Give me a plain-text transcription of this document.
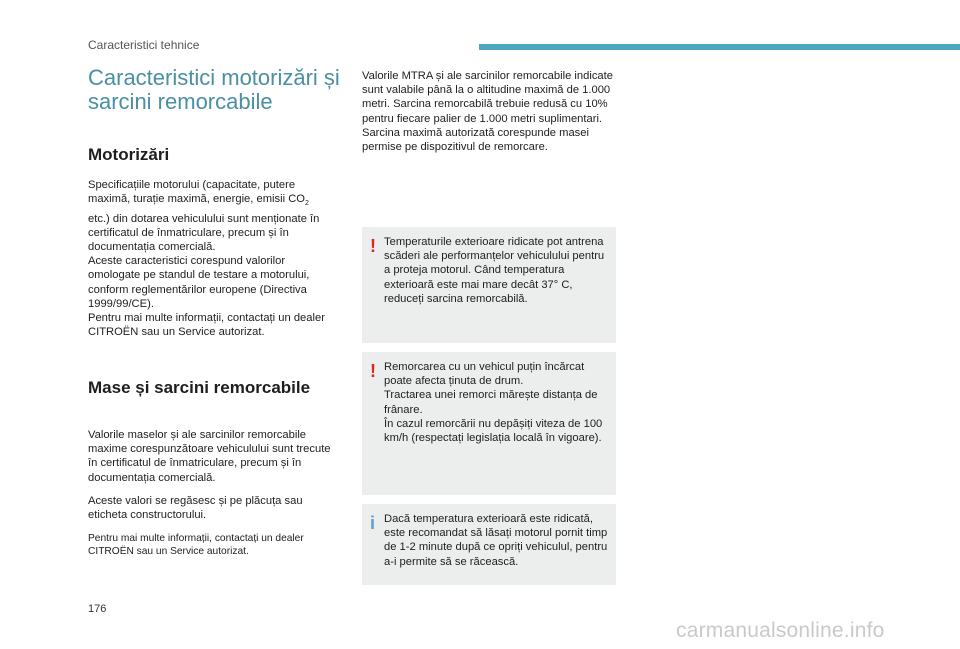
Caracteristici tehnice
Caracteristici motorizări și sarcini remorcabile
Motorizări
Specificațiile motorului (capacitate, putere maximă, turație maximă, energie, emisii $CO_2$
etc.) din dotarea vehiculului sunt menționate în certificatul de înmatriculare, precum și în documentația comercială.
Aceste caracteristici corespund valorilor omologate pe standul de testare a motorului, conform reglementărilor europene (Directiva 1999/99/CE).
Pentru mai multe informații, contactați un dealer CITROËN sau un Service autorizat.
Mase și sarcini remorcabile
Valorile maselor și ale sarcinilor remorcabile maxime corespunzătoare vehiculului sunt trecute în certificatul de înmatriculare, precum și în documentația comercială.
Aceste valori se regăsesc și pe plăcuța sau eticheta constructorului.
Pentru mai multe informații, contactați un dealer CITROËN sau un Service autorizat.
Valorile MTRA și ale sarcinilor remorcabile indicate sunt valabile până la o altitudine maximă de 1.000 metri. Sarcina remorcabilă trebuie redusă cu 10% pentru fiecare palier de 1.000 metri suplimentari.
Sarcina maximă autorizată corespunde masei permise pe dispozitivul de remorcare.
! Temperaturile exterioare ridicate pot antrena scăderi ale performanțelor vehiculului pentru a proteja motorul. Când temperatura exterioară este mai mare decât 37° C, reduceți sarcina remorcabilă.
! Remorcarea cu un vehicul puțin încărcat poate afecta ținuta de drum.
Tractarea unei remorci mărește distanța de frânare.
În cazul remorcării nu depășiți viteza de 100 km/h (respectați legislația locală în vigoare).
i Dacă temperatura exterioară este ridicată, este recomandat să lăsați motorul pornit timp de 1-2 minute după ce opriți vehiculul, pentru a-i permite să se răcească.
176
carmanualsonline.info
